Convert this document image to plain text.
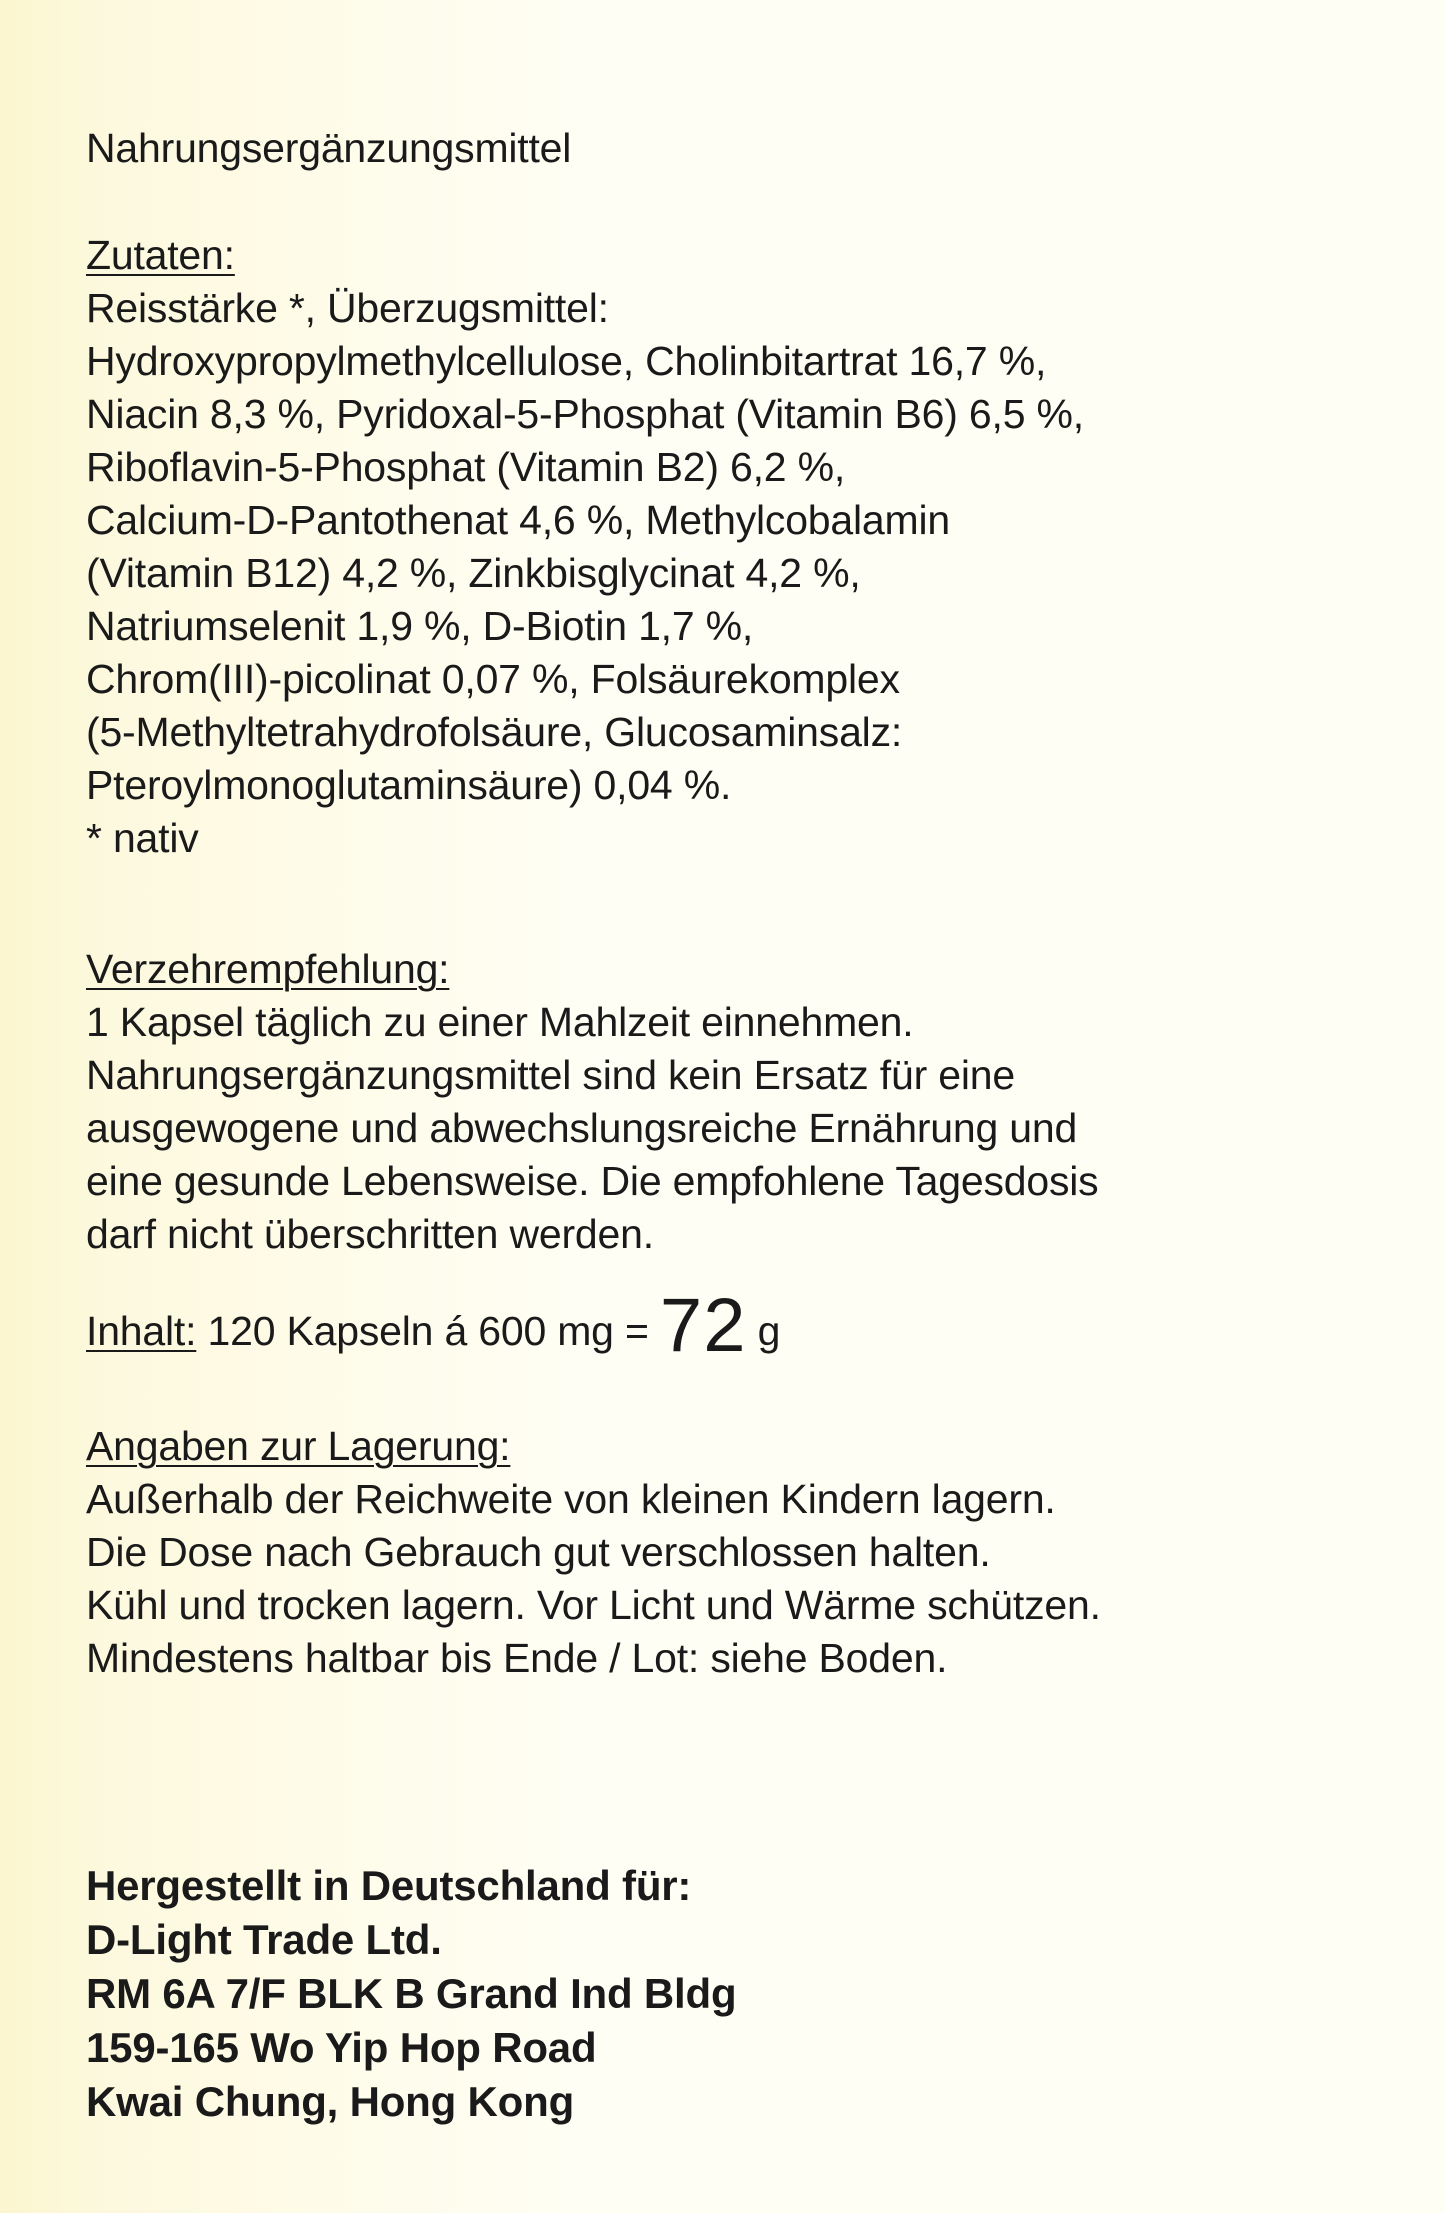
Nahrungsergänzungsmittel
Zutaten:
Reisstärke *, Überzugsmittel:
Hydroxypropylmethylcellulose, Cholinbitartrat 16,7 %,
Niacin 8,3 %, Pyridoxal-5-Phosphat (Vitamin B6) 6,5 %,
Riboflavin-5-Phosphat (Vitamin B2) 6,2 %,
Calcium-D-Pantothenat 4,6 %, Methylcobalamin
(Vitamin B12) 4,2 %, Zinkbisglycinat 4,2 %,
Natriumselenit 1,9 %, D-Biotin 1,7 %,
Chrom(III)-picolinat 0,07 %, Folsäurekomplex
(5-Methyltetrahydrofolsäure, Glucosaminsalz:
Pteroylmonoglutaminsäure) 0,04 %.
* nativ
Verzehrempfehlung:
1 Kapsel täglich zu einer Mahlzeit einnehmen.
Nahrungsergänzungsmittel sind kein Ersatz für eine
ausgewogene und abwechslungsreiche Ernährung und
eine gesunde Lebensweise. Die empfohlene Tagesdosis
darf nicht überschritten werden.
Inhalt: 120 Kapseln á 600 mg = 72 g
Angaben zur Lagerung:
Außerhalb der Reichweite von kleinen Kindern lagern.
Die Dose nach Gebrauch gut verschlossen halten.
Kühl und trocken lagern. Vor Licht und Wärme schützen.
Mindestens haltbar bis Ende / Lot: siehe Boden.
Hergestellt in Deutschland für:
D-Light Trade Ltd.
RM 6A 7/F BLK B Grand Ind Bldg
159-165 Wo Yip Hop Road
Kwai Chung, Hong Kong
